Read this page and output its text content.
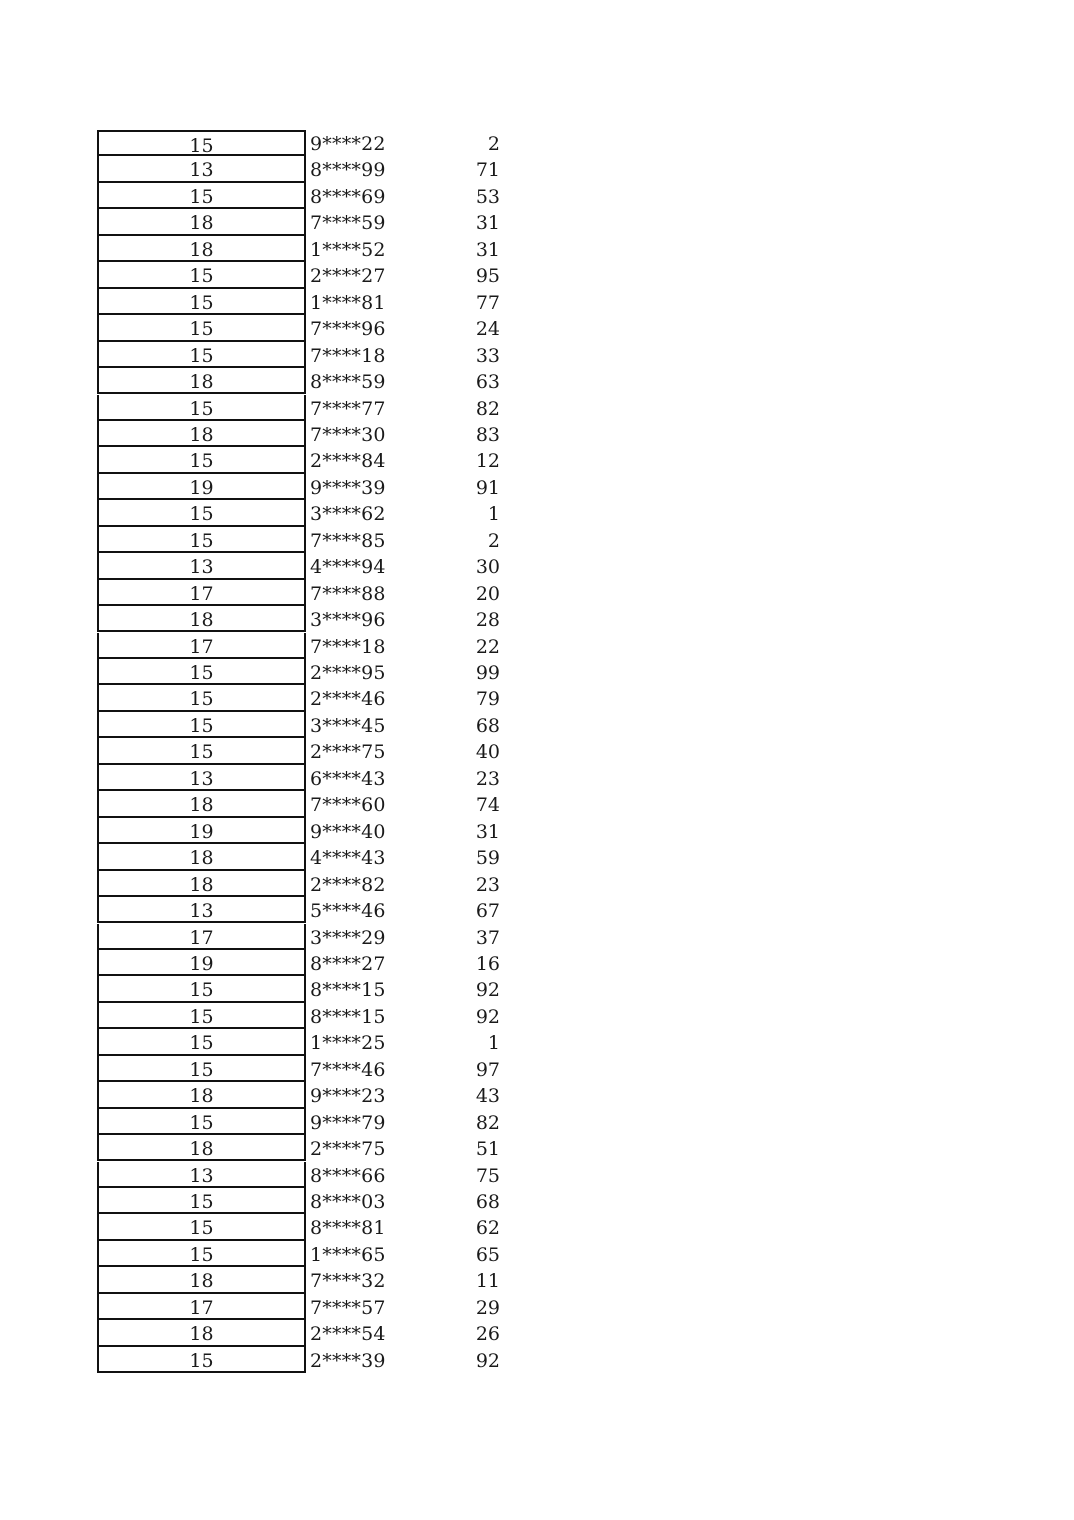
15	9****22	2
13	8****99	71
15	8****69	53
18	7****59	31
18	1****52	31
15	2****27	95
15	1****81	77
15	7****96	24
15	7****18	33
18	8****59	63
15	7****77	82
18	7****30	83
15	2****84	12
19	9****39	91
15	3****62	1
15	7****85	2
13	4****94	30
17	7****88	20
18	3****96	28
17	7****18	22
15	2****95	99
15	2****46	79
15	3****45	68
15	2****75	40
13	6****43	23
18	7****60	74
19	9****40	31
18	4****43	59
18	2****82	23
13	5****46	67
17	3****29	37
19	8****27	16
15	8****15	92
15	8****15	92
15	1****25	1
15	7****46	97
18	9****23	43
15	9****79	82
18	2****75	51
13	8****66	75
15	8****03	68
15	8****81	62
15	1****65	65
18	7****32	11
17	7****57	29
18	2****54	26
15	2****39	92
